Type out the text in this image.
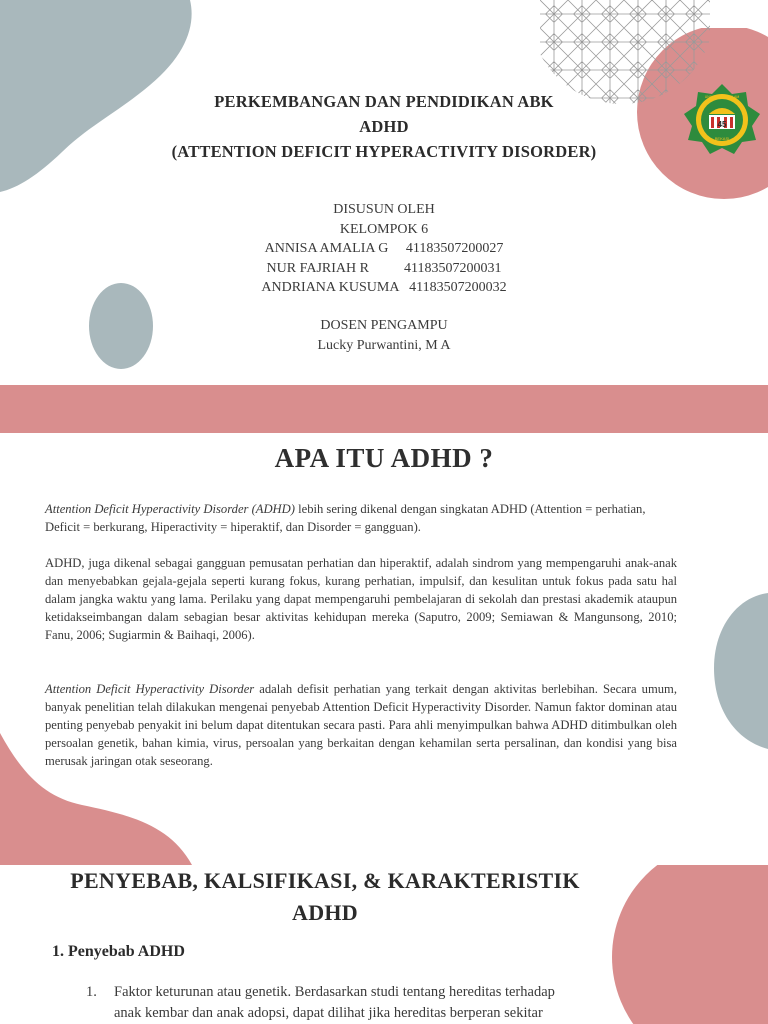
45
UNIVERSITAS ISLAM
BEKASI
PERKEMBANGAN DAN PENDIDIKAN ABK
ADHD
(ATTENTION DEFICIT HYPERACTIVITY DISORDER)
DISUSUN OLEH
KELOMPOK 6
ANNISA AMALIA G     41183507200027
NUR FAJRIAH R          41183507200031
ANDRIANA KUSUMA   41183507200032
DOSEN PENGAMPU
Lucky Purwantini, M A
APA ITU ADHD ?
Attention Deficit Hyperactivity Disorder (ADHD) lebih sering dikenal dengan singkatan ADHD (Attention = perhatian, Deficit = berkurang, Hiperactivity = hiperaktif, dan Disorder = gangguan).
ADHD, juga dikenal sebagai gangguan pemusatan perhatian dan hiperaktif, adalah sindrom yang mempengaruhi anak-anak dan menyebabkan gejala-gejala seperti kurang fokus, kurang perhatian, impulsif, dan kesulitan untuk fokus pada satu hal dalam jangka waktu yang lama. Perilaku yang dapat mempengaruhi pembelajaran di sekolah dan prestasi akademik ataupun ketidakseimbangan dalam sebagian besar aktivitas kehidupan mereka (Saputro, 2009; Semiawan & Mangunsong, 2010; Fanu, 2006; Sugiarmin & Baihaqi, 2006).
Attention Deficit Hyperactivity Disorder adalah defisit perhatian yang terkait dengan aktivitas berlebihan. Secara umum, banyak penelitian telah dilakukan mengenai penyebab Attention Deficit Hyperactivity Disorder. Namun faktor dominan atau penting penyebab penyakit ini belum dapat ditentukan secara pasti. Para ahli menyimpulkan bahwa ADHD ditimbulkan oleh persoalan genetik, bahan kimia, virus, persoalan yang berkaitan dengan kehamilan serta persalinan, dan kondisi yang bisa merusak jaringan otak seseorang.
PENYEBAB, KALSIFIKASI, & KARAKTERISTIK
ADHD
1. Penyebab ADHD
1. Faktor keturunan atau genetik. Berdasarkan studi tentang hereditas terhadap
anak kembar dan anak adopsi, dapat dilihat jika hereditas berperan sekitar
